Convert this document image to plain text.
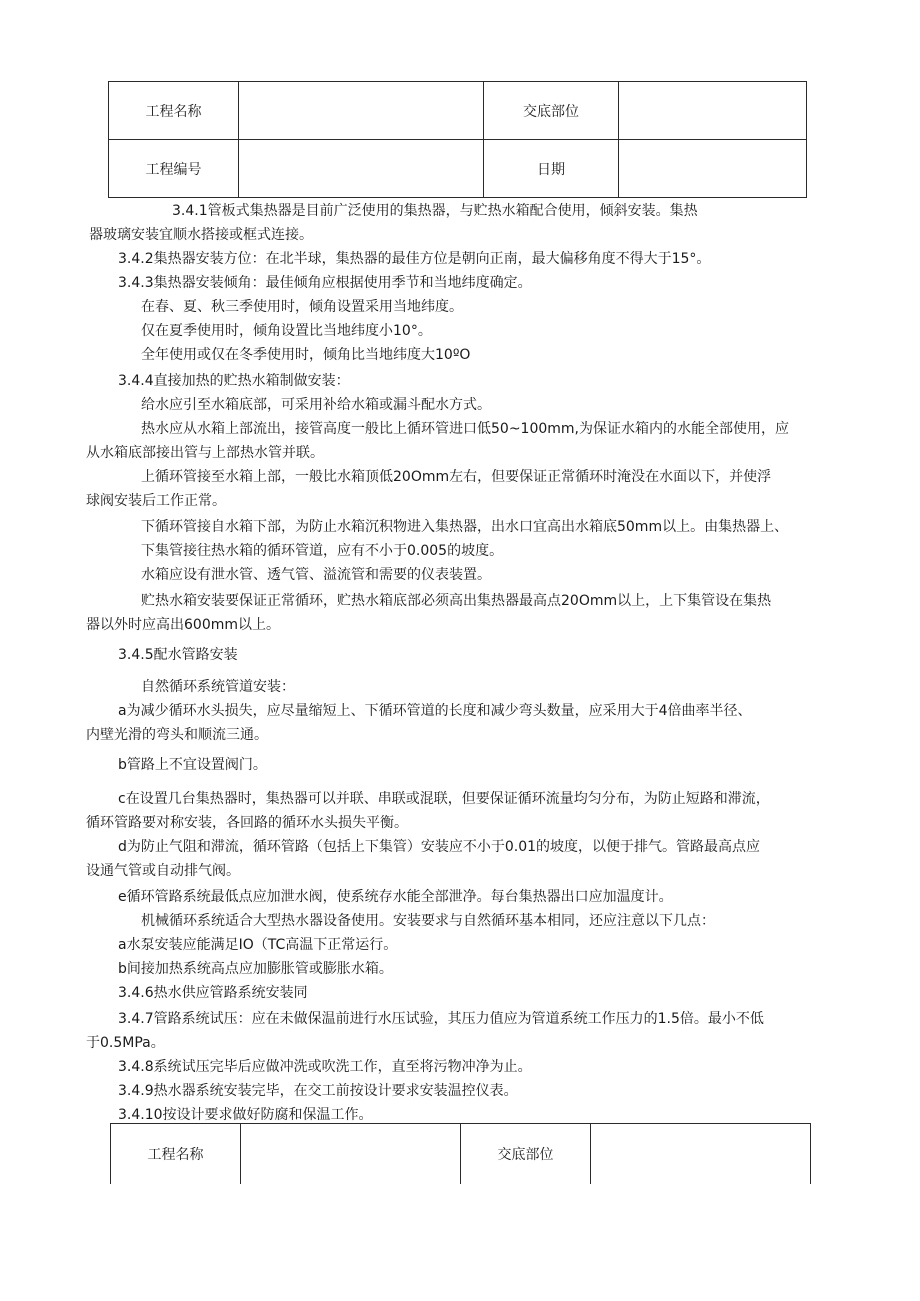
工程名称		交底部位	
工程编号		日期	
3.4.1管板式集热器是目前广泛使用的集热器，与贮热水箱配合使用，倾斜安装。集热
器玻璃安装宜顺水搭接或框式连接。
3.4.2集热器安装方位：在北半球，集热器的最佳方位是朝向正南，最大偏移角度不得大于15°。
3.4.3集热器安装倾角：最佳倾角应根据使用季节和当地纬度确定。
在春、夏、秋三季使用时，倾角设置采用当地纬度。
仅在夏季使用时，倾角设置比当地纬度小10°。
全年使用或仅在冬季使用时，倾角比当地纬度大10ºO
3.4.4直接加热的贮热水箱制做安装：
给水应引至水箱底部，可采用补给水箱或漏斗配水方式。
热水应从水箱上部流出，接管高度一般比上循环管进口低50~100mm,为保证水箱内的水能全部使用，应
从水箱底部接出管与上部热水管并联。
上循环管接至水箱上部，一般比水箱顶低20Omm左右，但要保证正常循环时淹没在水面以下，并使浮
球阀安装后工作正常。
下循环管接自水箱下部，为防止水箱沉积物进入集热器，出水口宜高出水箱底50mm以上。由集热器上、
下集管接往热水箱的循环管道，应有不小于0.005的坡度。
水箱应设有泄水管、透气管、溢流管和需要的仪表装置。
贮热水箱安装要保证正常循环，贮热水箱底部必须高出集热器最高点20Omm以上，上下集管设在集热
器以外时应高出600mm以上。
3.4.5配水管路安装
自然循环系统管道安装：
a为减少循环水头损失，应尽量缩短上、下循环管道的长度和减少弯头数量，应采用大于4倍曲率半径、
内壁光滑的弯头和顺流三通。
b管路上不宜设置阀门。
c在设置几台集热器时，集热器可以并联、串联或混联，但要保证循环流量均匀分布，为防止短路和滞流，
循环管路要对称安装，各回路的循环水头损失平衡。
d为防止气阻和滞流，循环管路（包括上下集管）安装应不小于0.01的坡度，以便于排气。管路最高点应
设通气管或自动排气阀。
e循环管路系统最低点应加泄水阀，使系统存水能全部泄净。每台集热器出口应加温度计。
机械循环系统适合大型热水器设备使用。安装要求与自然循环基本相同，还应注意以下几点：
a水泵安装应能满足IO（TC高温下正常运行。
b间接加热系统高点应加膨胀管或膨胀水箱。
3.4.6热水供应管路系统安装同
3.4.7管路系统试压：应在未做保温前进行水压试验，其压力值应为管道系统工作压力的1.5倍。最小不低
于0.5MPa。
3.4.8系统试压完毕后应做冲洗或吹洗工作，直至将污物冲净为止。
3.4.9热水器系统安装完毕，在交工前按设计要求安装温控仪表。
3.4.10按设计要求做好防腐和保温工作。
工程名称		交底部位	
